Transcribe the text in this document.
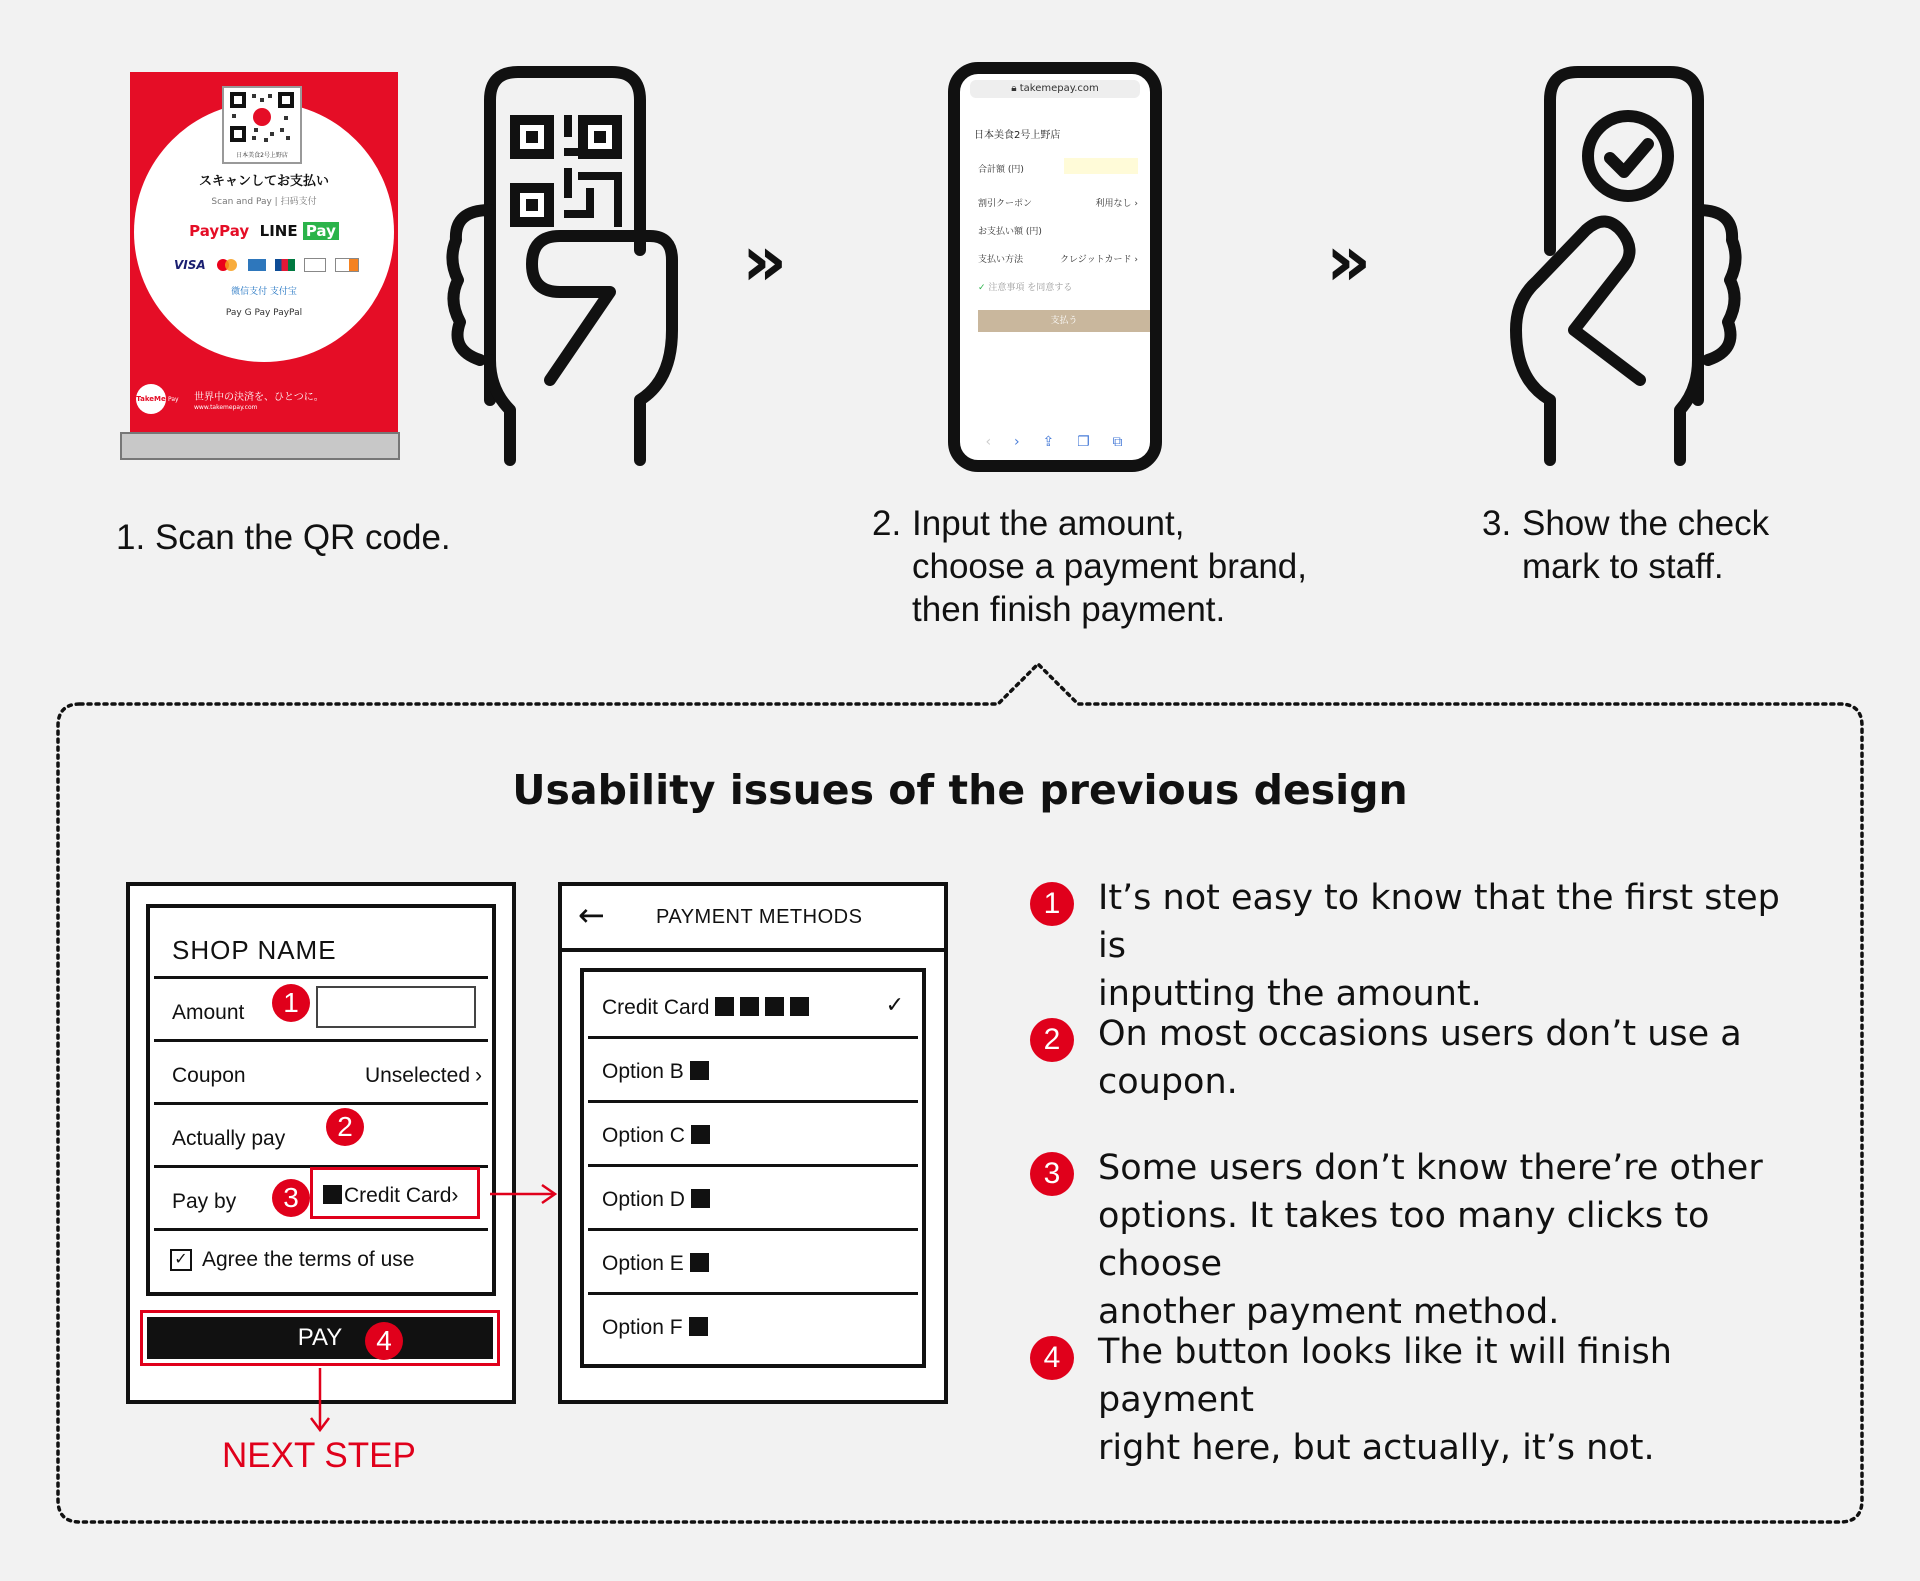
日本美食2号上野店
スキャンしてお支払い
Scan and Pay | 扫码支付
PayPay LINE Pay
VISA
微信支付 支付宝
Pay G Pay PayPal
TakeMe Pay 世界中の決済を、ひとつに。
www.takemepay.com
»
🔒︎ takemepay.com
日本美食2号上野店
合計額 (円)
割引クーポン	利用なし ›
お支払い額 (円)
支払い方法	クレジットカード ›
✓ 注意事項 を同意する
支払う
‹ › ⇪ ❐ ⧉
»
1. Scan the QR code.	2. Input the amount,
choose a payment brand,
then finish payment.
3. Show the check
mark to staff.
Usability issues of the previous design
SHOP NAME
Amount	1
Coupon	Unselected ›
Actually pay	2
Pay by	3	Credit Card›
✓ Agree the terms of use
PAY	4
NEXT STEP
←	PAYMENT METHODS
Credit Card	✓
Option B
Option C
Option D
Option E
Option F
1	It’s not easy to know that the first step is
inputting the amount.
2	On most occasions users don’t use a
coupon.
3	Some users don’t know there’re other
options. It takes too many clicks to choose
another payment method.
4	The button looks like it will finish payment
right here, but actually, it’s not.
